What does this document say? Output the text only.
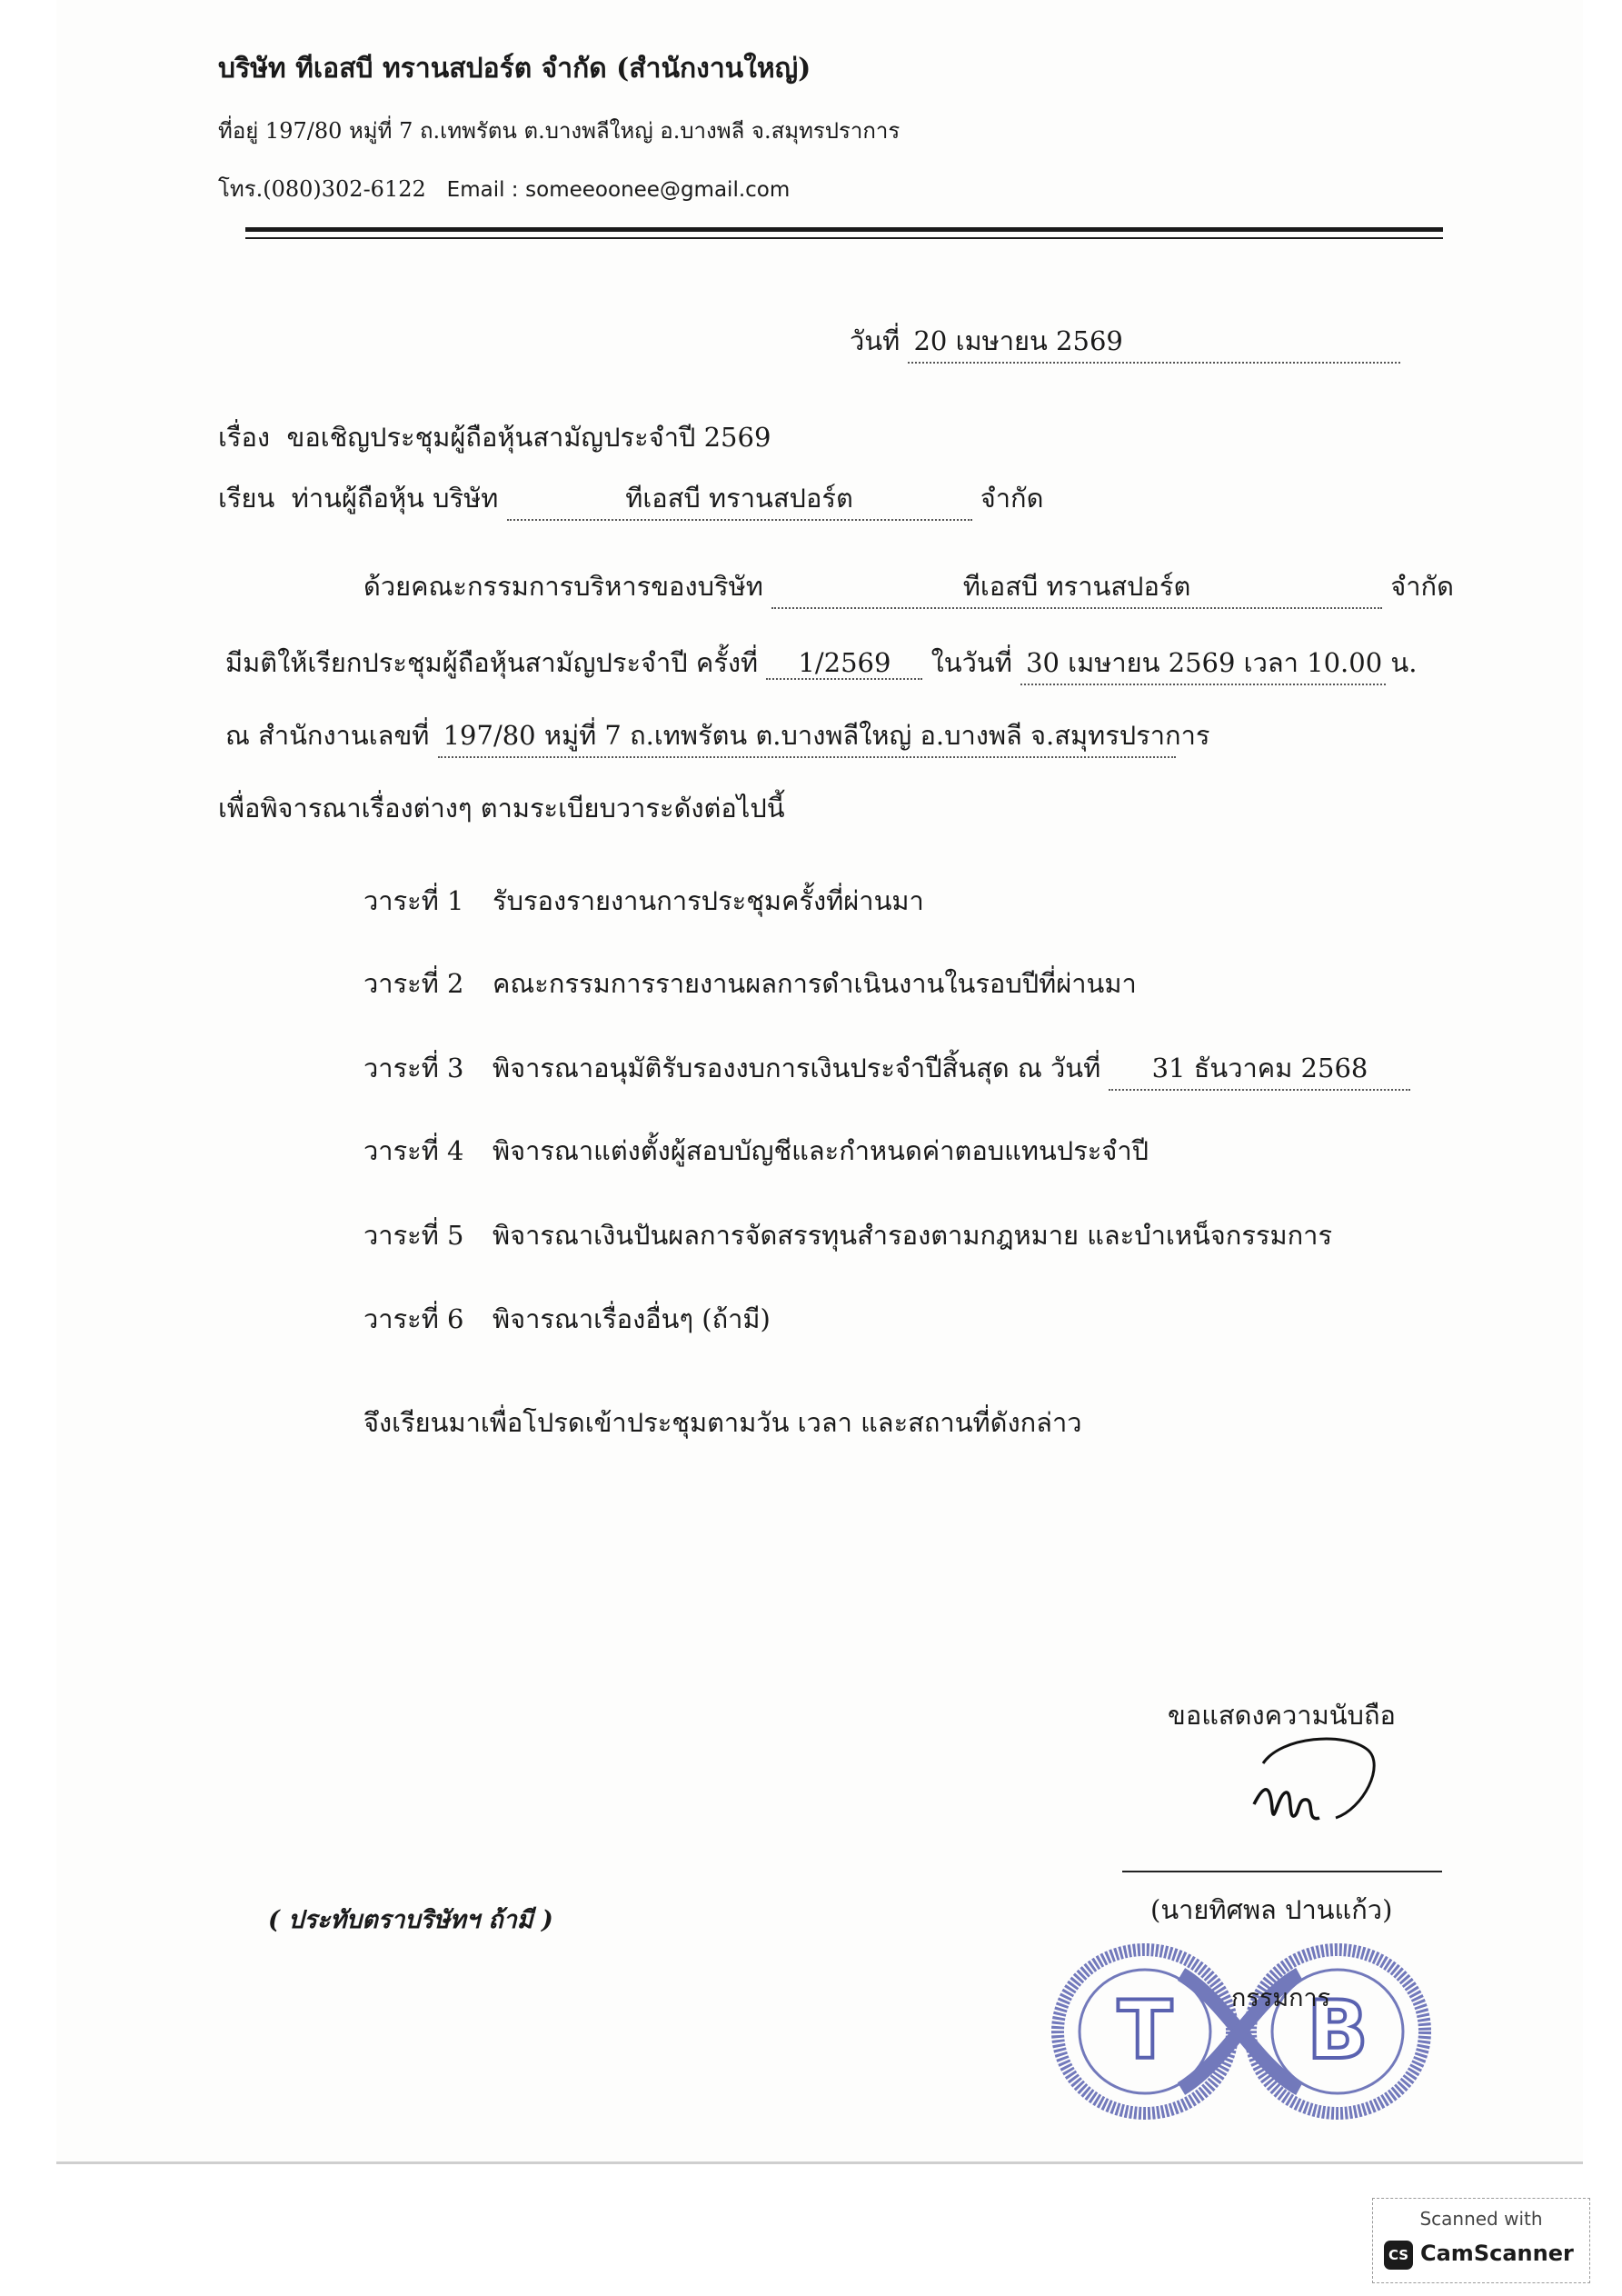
บริษัท ทีเอสบี ทรานสปอร์ต จำกัด (สำนักงานใหญ่)
ที่อยู่ 197/80 หมู่ที่ 7 ถ.เทพรัตน ต.บางพลีใหญ่ อ.บางพลี จ.สมุทรปราการ
โทร.(080)302-6122 Email : someeoonee@gmail.com
วันที่ 20 เมษายน 2569
เรื่อง ขอเชิญประชุมผู้ถือหุ้นสามัญประจำปี 2569
เรียน ท่านผู้ถือหุ้น บริษัท	ทีเอสบี ทรานสปอร์ต	จำกัด
ด้วยคณะกรรมการบริหารของบริษัท	ทีเอสบี ทรานสปอร์ต	จำกัด
มีมติให้เรียกประชุมผู้ถือหุ้นสามัญประจำปี ครั้งที่ 1/2569 ในวันที่ 30 เมษายน 2569 เวลา 10.00 น.
ณ สำนักงานเลขที่ 197/80 หมู่ที่ 7 ถ.เทพรัตน ต.บางพลีใหญ่ อ.บางพลี จ.สมุทรปราการ
เพื่อพิจารณาเรื่องต่างๆ ตามระเบียบวาระดังต่อไปนี้
วาระที่ 1 รับรองรายงานการประชุมครั้งที่ผ่านมา
วาระที่ 2 คณะกรรมการรายงานผลการดำเนินงานในรอบปีที่ผ่านมา
วาระที่ 3 พิจารณาอนุมัติรับรองงบการเงินประจำปีสิ้นสุด ณ วันที่ 31 ธันวาคม 2568
วาระที่ 4 พิจารณาแต่งตั้งผู้สอบบัญชีและกำหนดค่าตอบแทนประจำปี
วาระที่ 5 พิจารณาเงินปันผลการจัดสรรทุนสำรองตามกฎหมาย และบำเหน็จกรรมการ
วาระที่ 6 พิจารณาเรื่องอื่นๆ (ถ้ามี)
จึงเรียนมาเพื่อโปรดเข้าประชุมตามวัน เวลา และสถานที่ดังกล่าว
ขอแสดงความนับถือ
(นายทิศพล ปานแก้ว)
( ประทับตราบริษัทฯ ถ้ามี )
T B
กรรมการ
Scanned with
CS CamScanner
